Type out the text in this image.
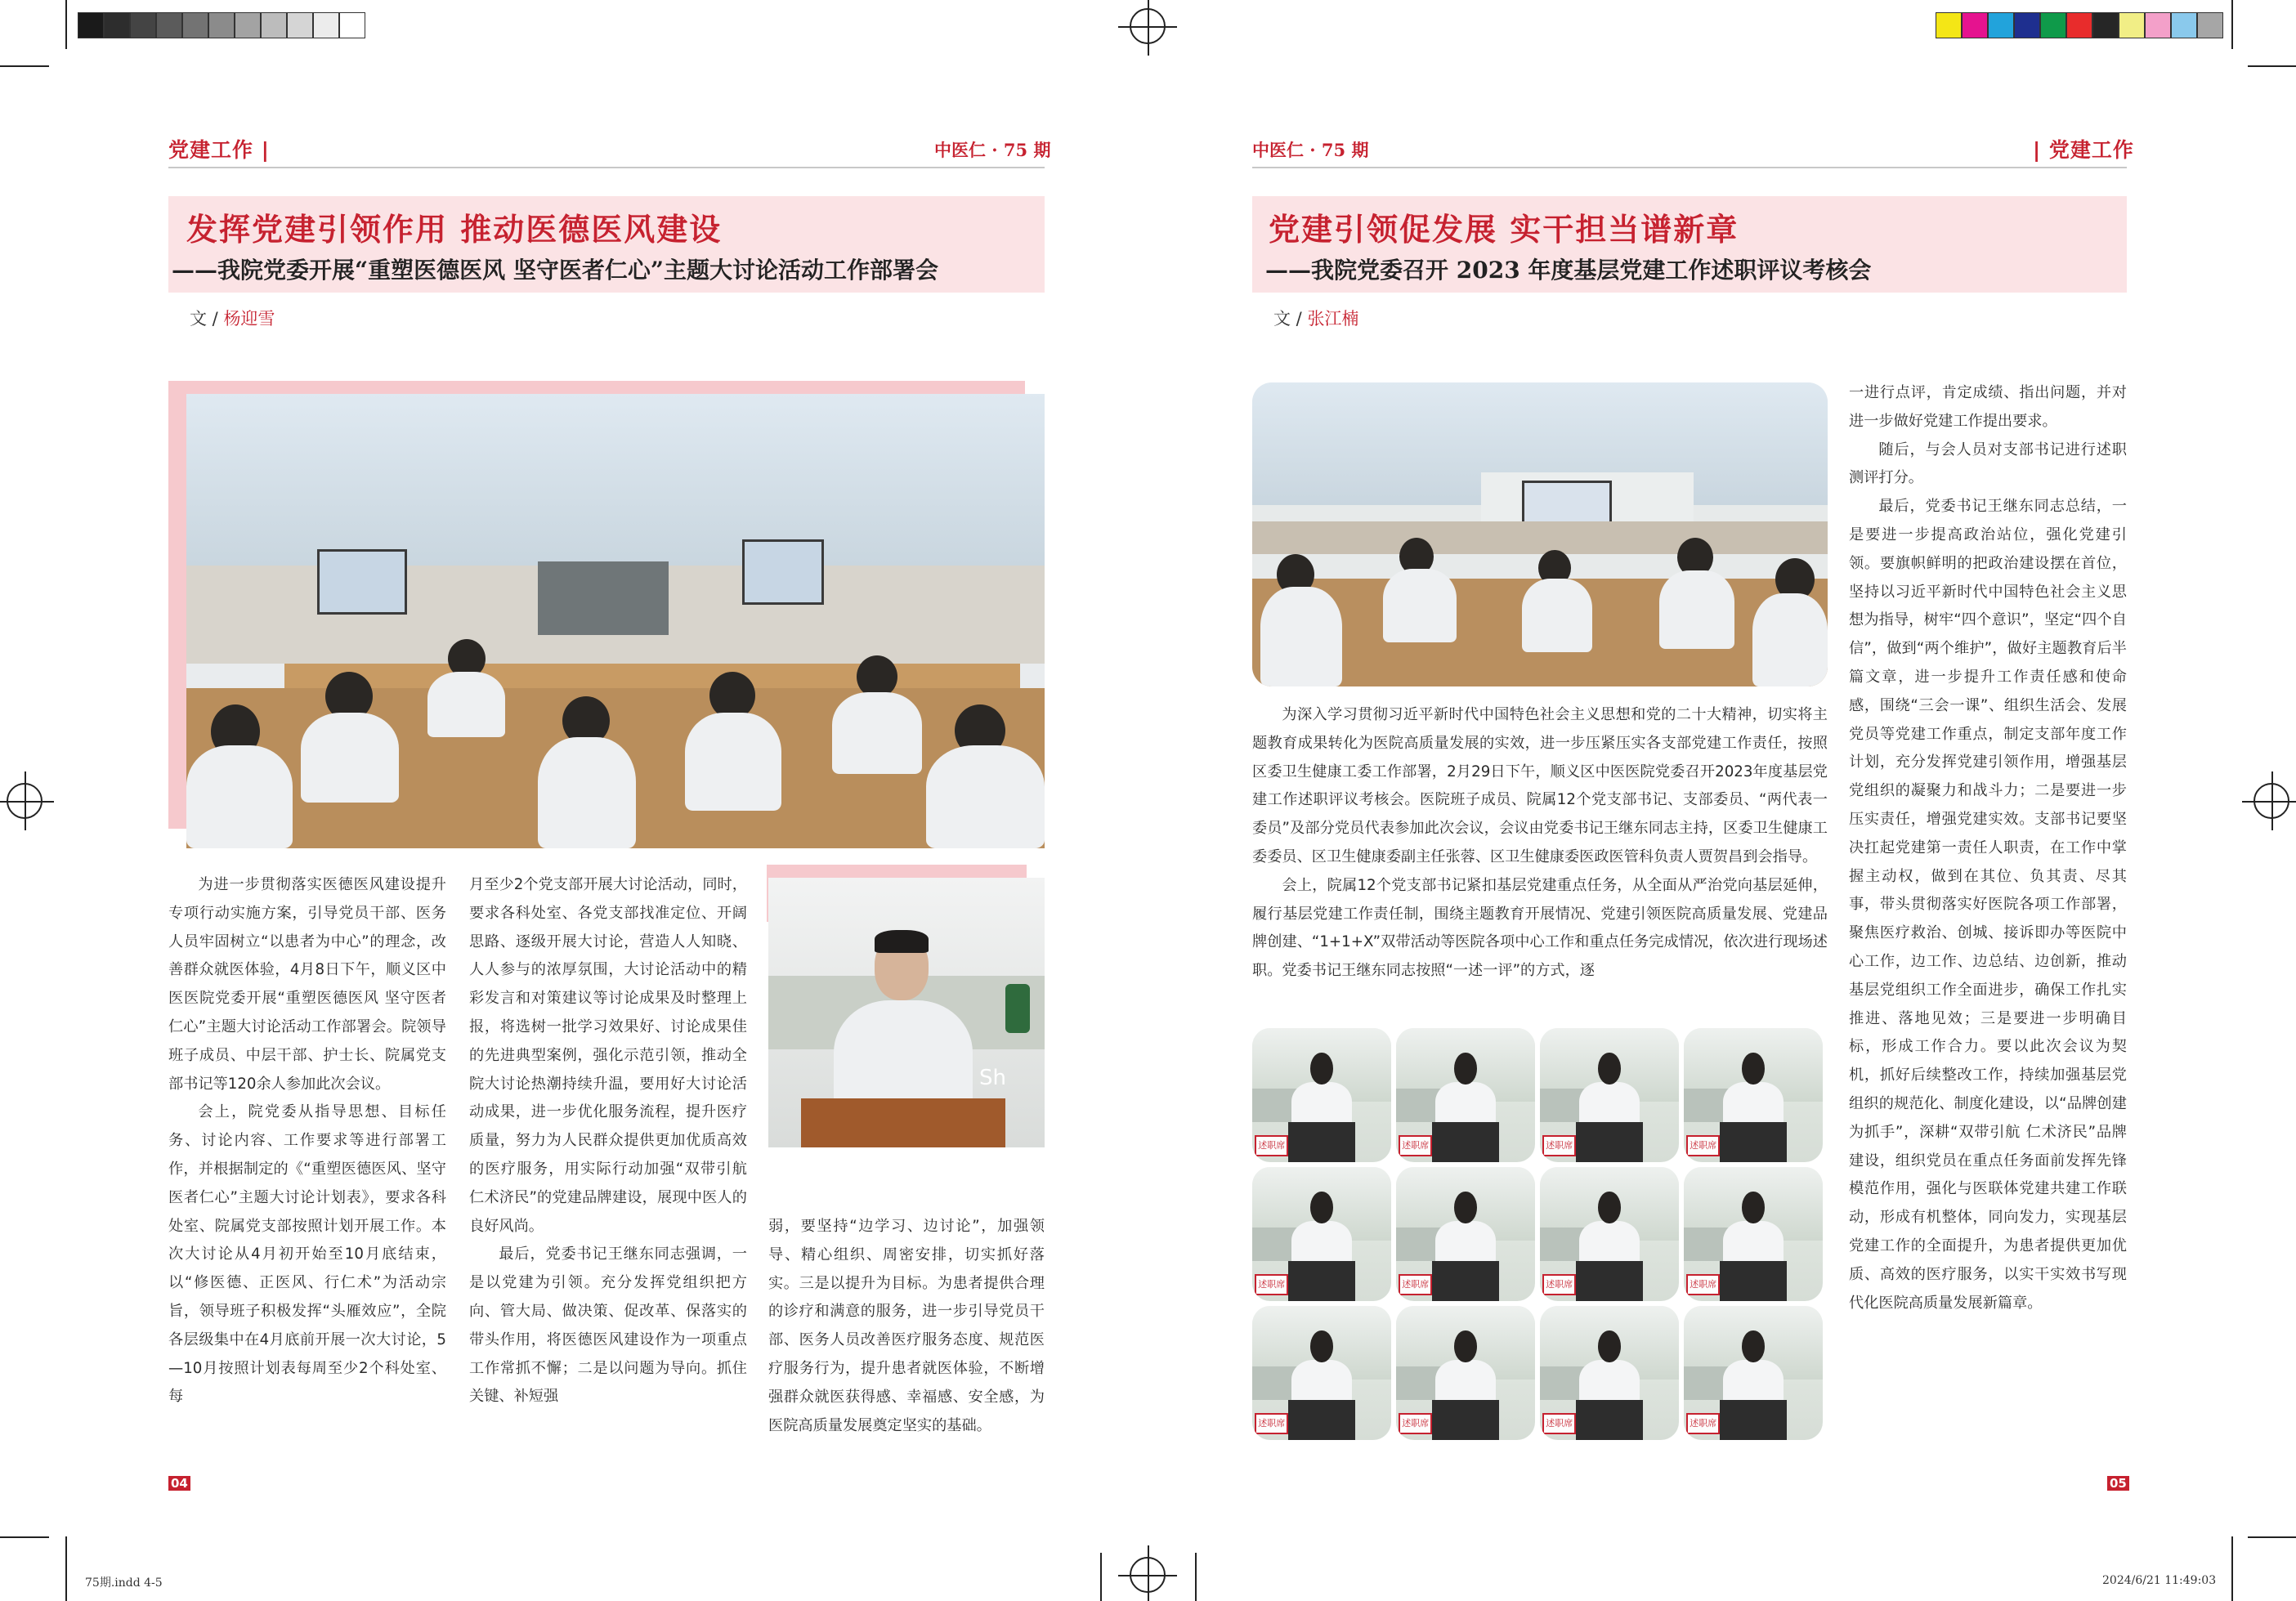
党建工作 |	中医仁 · 75 期
发挥党建引领作用 推动医德医风建设
——我院党委开展“重塑医德医风 坚守医者仁心”主题大讨论活动工作部署会
文 / 杨迎雪
Sh

为进一步贯彻落实医德医风建设提升专项行动实施方案，引导党员干部、医务人员牢固树立“以患者为中心”的理念，改善群众就医体验，4月8日下午，顺义区中医医院党委开展“重塑医德医风 坚守医者仁心”主题大讨论活动工作部署会。院领导班子成员、中层干部、护士长、院属党支部书记等120余人参加此次会议。

会上，院党委从指导思想、目标任务、讨论内容、工作要求等进行部署工作，并根据制定的《“重塑医德医风、坚守医者仁心”主题大讨论计划表》，要求各科处室、院属党支部按照计划开展工作。本次大讨论从4月初开始至10月底结束，以“修医德、正医风、行仁术”为活动宗旨，领导班子积极发挥“头雁效应”，全院各层级集中在4月底前开展一次大讨论，5—10月按照计划表每周至少2个科处室、每

月至少2个党支部开展大讨论活动，同时，要求各科处室、各党支部找准定位、开阔思路、逐级开展大讨论，营造人人知晓、人人参与的浓厚氛围，大讨论活动中的精彩发言和对策建议等讨论成果及时整理上报，将选树一批学习效果好、讨论成果佳的先进典型案例，强化示范引领，推动全院大讨论热潮持续升温，要用好大讨论活动成果，进一步优化服务流程，提升医疗质量，努力为人民群众提供更加优质高效的医疗服务，用实际行动加强“双带引航 仁术济民”的党建品牌建设，展现中医人的良好风尚。

最后，党委书记王继东同志强调，一是以党建为引领。充分发挥党组织把方向、管大局、做决策、促改革、保落实的带头作用，将医德医风建设作为一项重点工作常抓不懈；二是以问题为导向。抓住关键、补短强

弱，要坚持“边学习、边讨论”，加强领导、精心组织、周密安排，切实抓好落实。三是以提升为目标。为患者提供合理的诊疗和满意的服务，进一步引导党员干部、医务人员改善医疗服务态度、规范医疗服务行为，提升患者就医体验，不断增强群众就医获得感、幸福感、安全感，为医院高质量发展奠定坚实的基础。

04
75期.indd 4-5
中医仁 · 75 期	| 党建工作
党建引领促发展 实干担当谱新章
——我院党委召开 2023 年度基层党建工作述职评议考核会
文 / 张江楠

一进行点评，肯定成绩、指出问题，并对进一步做好党建工作提出要求。

随后，与会人员对支部书记进行述职测评打分。

最后，党委书记王继东同志总结，一是要进一步提高政治站位，强化党建引领。要旗帜鲜明的把政治建设摆在首位，坚持以习近平新时代中国特色社会主义思想为指导，树牢“四个意识”，坚定“四个自信”，做到“两个维护”，做好主题教育后半篇文章，进一步提升工作责任感和使命感，围绕“三会一课”、组织生活会、发展党员等党建工作重点，制定支部年度工作计划，充分发挥党建引领作用，增强基层党组织的凝聚力和战斗力；二是要进一步压实责任，增强党建实效。支部书记要坚决扛起党建第一责任人职责，在工作中掌握主动权，做到在其位、负其责、尽其事，带头贯彻落实好医院各项工作部署，聚焦医疗救治、创城、接诉即办等医院中心工作，边工作、边总结、边创新，推动基层党组织工作全面进步，确保工作扎实推进、落地见效；三是要进一步明确目标，形成工作合力。要以此次会议为契机，抓好后续整改工作，持续加强基层党组织的规范化、制度化建设，以“品牌创建为抓手”，深耕“双带引航 仁术济民”品牌建设，组织党员在重点任务面前发挥先锋模范作用，强化与医联体党建共建工作联动，形成有机整体，同向发力，实现基层党建工作的全面提升，为患者提供更加优质、高效的医疗服务，以实干实效书写现代化医院高质量发展新篇章。

为深入学习贯彻习近平新时代中国特色社会主义思想和党的二十大精神，切实将主题教育成果转化为医院高质量发展的实效，进一步压紧压实各支部党建工作责任，按照区委卫生健康工委工作部署，2月29日下午，顺义区中医医院党委召开2023年度基层党建工作述职评议考核会。医院班子成员、院属12个党支部书记、支部委员、“两代表一委员”及部分党员代表参加此次会议，会议由党委书记王继东同志主持，区委卫生健康工委委员、区卫生健康委副主任张蓉、区卫生健康委医政医管科负责人贾贺昌到会指导。

会上，院属12个党支部书记紧扣基层党建重点任务，从全面从严治党向基层延伸，履行基层党建工作责任制，围绕主题教育开展情况、党建引领医院高质量发展、党建品牌创建、“1+1+X”双带活动等医院各项中心工作和重点任务完成情况，依次进行现场述职。党委书记王继东同志按照“一述一评”的方式，逐

述职席	述职席	述职席	述职席
述职席	述职席	述职席	述职席
述职席	述职席	述职席	述职席
05
2024/6/21 11:49:03
